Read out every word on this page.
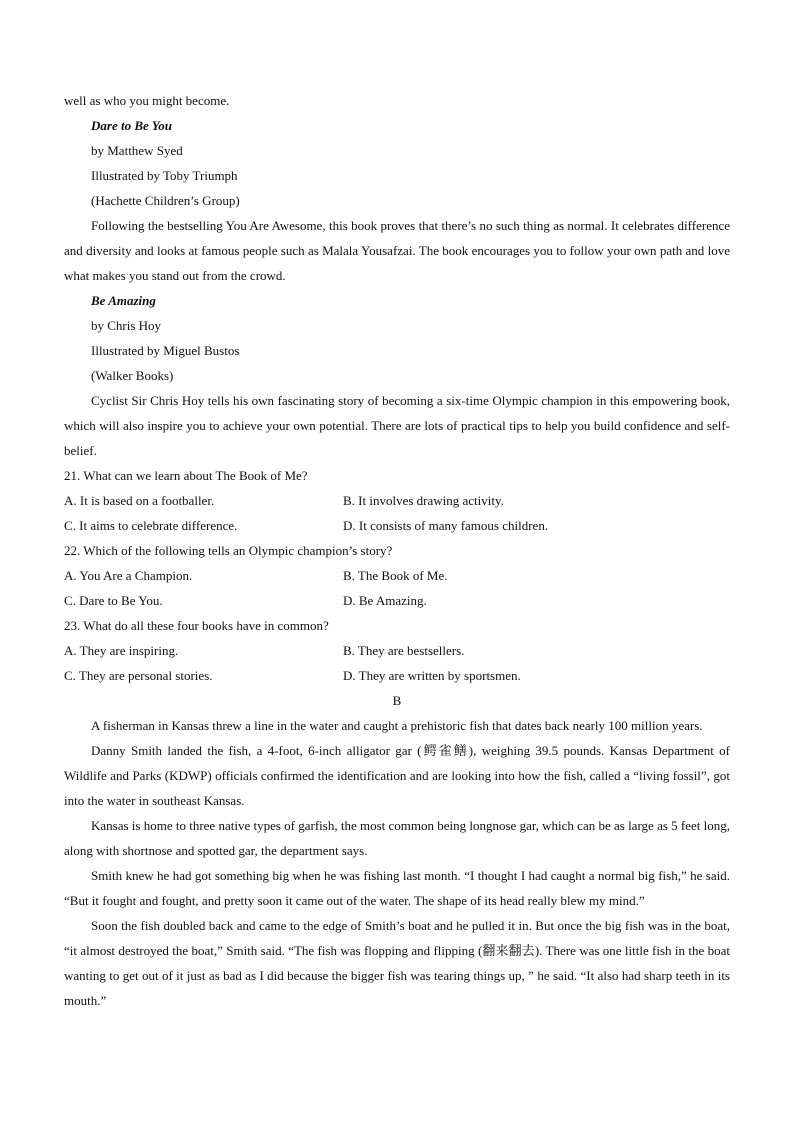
well as who you might become.
Dare to Be You
by Matthew Syed
Illustrated by Toby Triumph
(Hachette Children’s Group)
Following the bestselling You Are Awesome, this book proves that there’s no such thing as normal. It celebrates difference and diversity and looks at famous people such as Malala Yousafzai. The book encourages you to follow your own path and love what makes you stand out from the crowd.
Be Amazing
by Chris Hoy
Illustrated by Miguel Bustos
(Walker Books)
Cyclist Sir Chris Hoy tells his own fascinating story of becoming a six-time Olympic champion in this empowering book, which will also inspire you to achieve your own potential. There are lots of practical tips to help you build confidence and self-belief.
21. What can we learn about The Book of Me?
A. It is based on a footballer.	B. It involves drawing activity.
C. It aims to celebrate difference.	D. It consists of many famous children.
22. Which of the following tells an Olympic champion’s story?
A. You Are a Champion.	B. The Book of Me.
C. Dare to Be You.	D. Be Amazing.
23. What do all these four books have in common?
A. They are inspiring.	B. They are bestsellers.
C. They are personal stories.	D. They are written by sportsmen.
B
A fisherman in Kansas threw a line in the water and caught a prehistoric fish that dates back nearly 100 million years.
Danny Smith landed the fish, a 4-foot, 6-inch alligator gar (鳄雀鳝), weighing 39.5 pounds. Kansas Department of Wildlife and Parks (KDWP) officials confirmed the identification and are looking into how the fish, called a “living fossil”, got into the water in southeast Kansas.
Kansas is home to three native types of garfish, the most common being longnose gar, which can be as large as 5 feet long, along with shortnose and spotted gar, the department says.
Smith knew he had got something big when he was fishing last month. “I thought I had caught a normal big fish,” he said. “But it fought and fought, and pretty soon it came out of the water. The shape of its head really blew my mind.”
Soon the fish doubled back and came to the edge of Smith’s boat and he pulled it in. But once the big fish was in the boat, “it almost destroyed the boat,” Smith said. “The fish was flopping and flipping (翻来翻去). There was one little fish in the boat wanting to get out of it just as bad as I did because the bigger fish was tearing things up, ” he said. “It also had sharp teeth in its mouth.”
